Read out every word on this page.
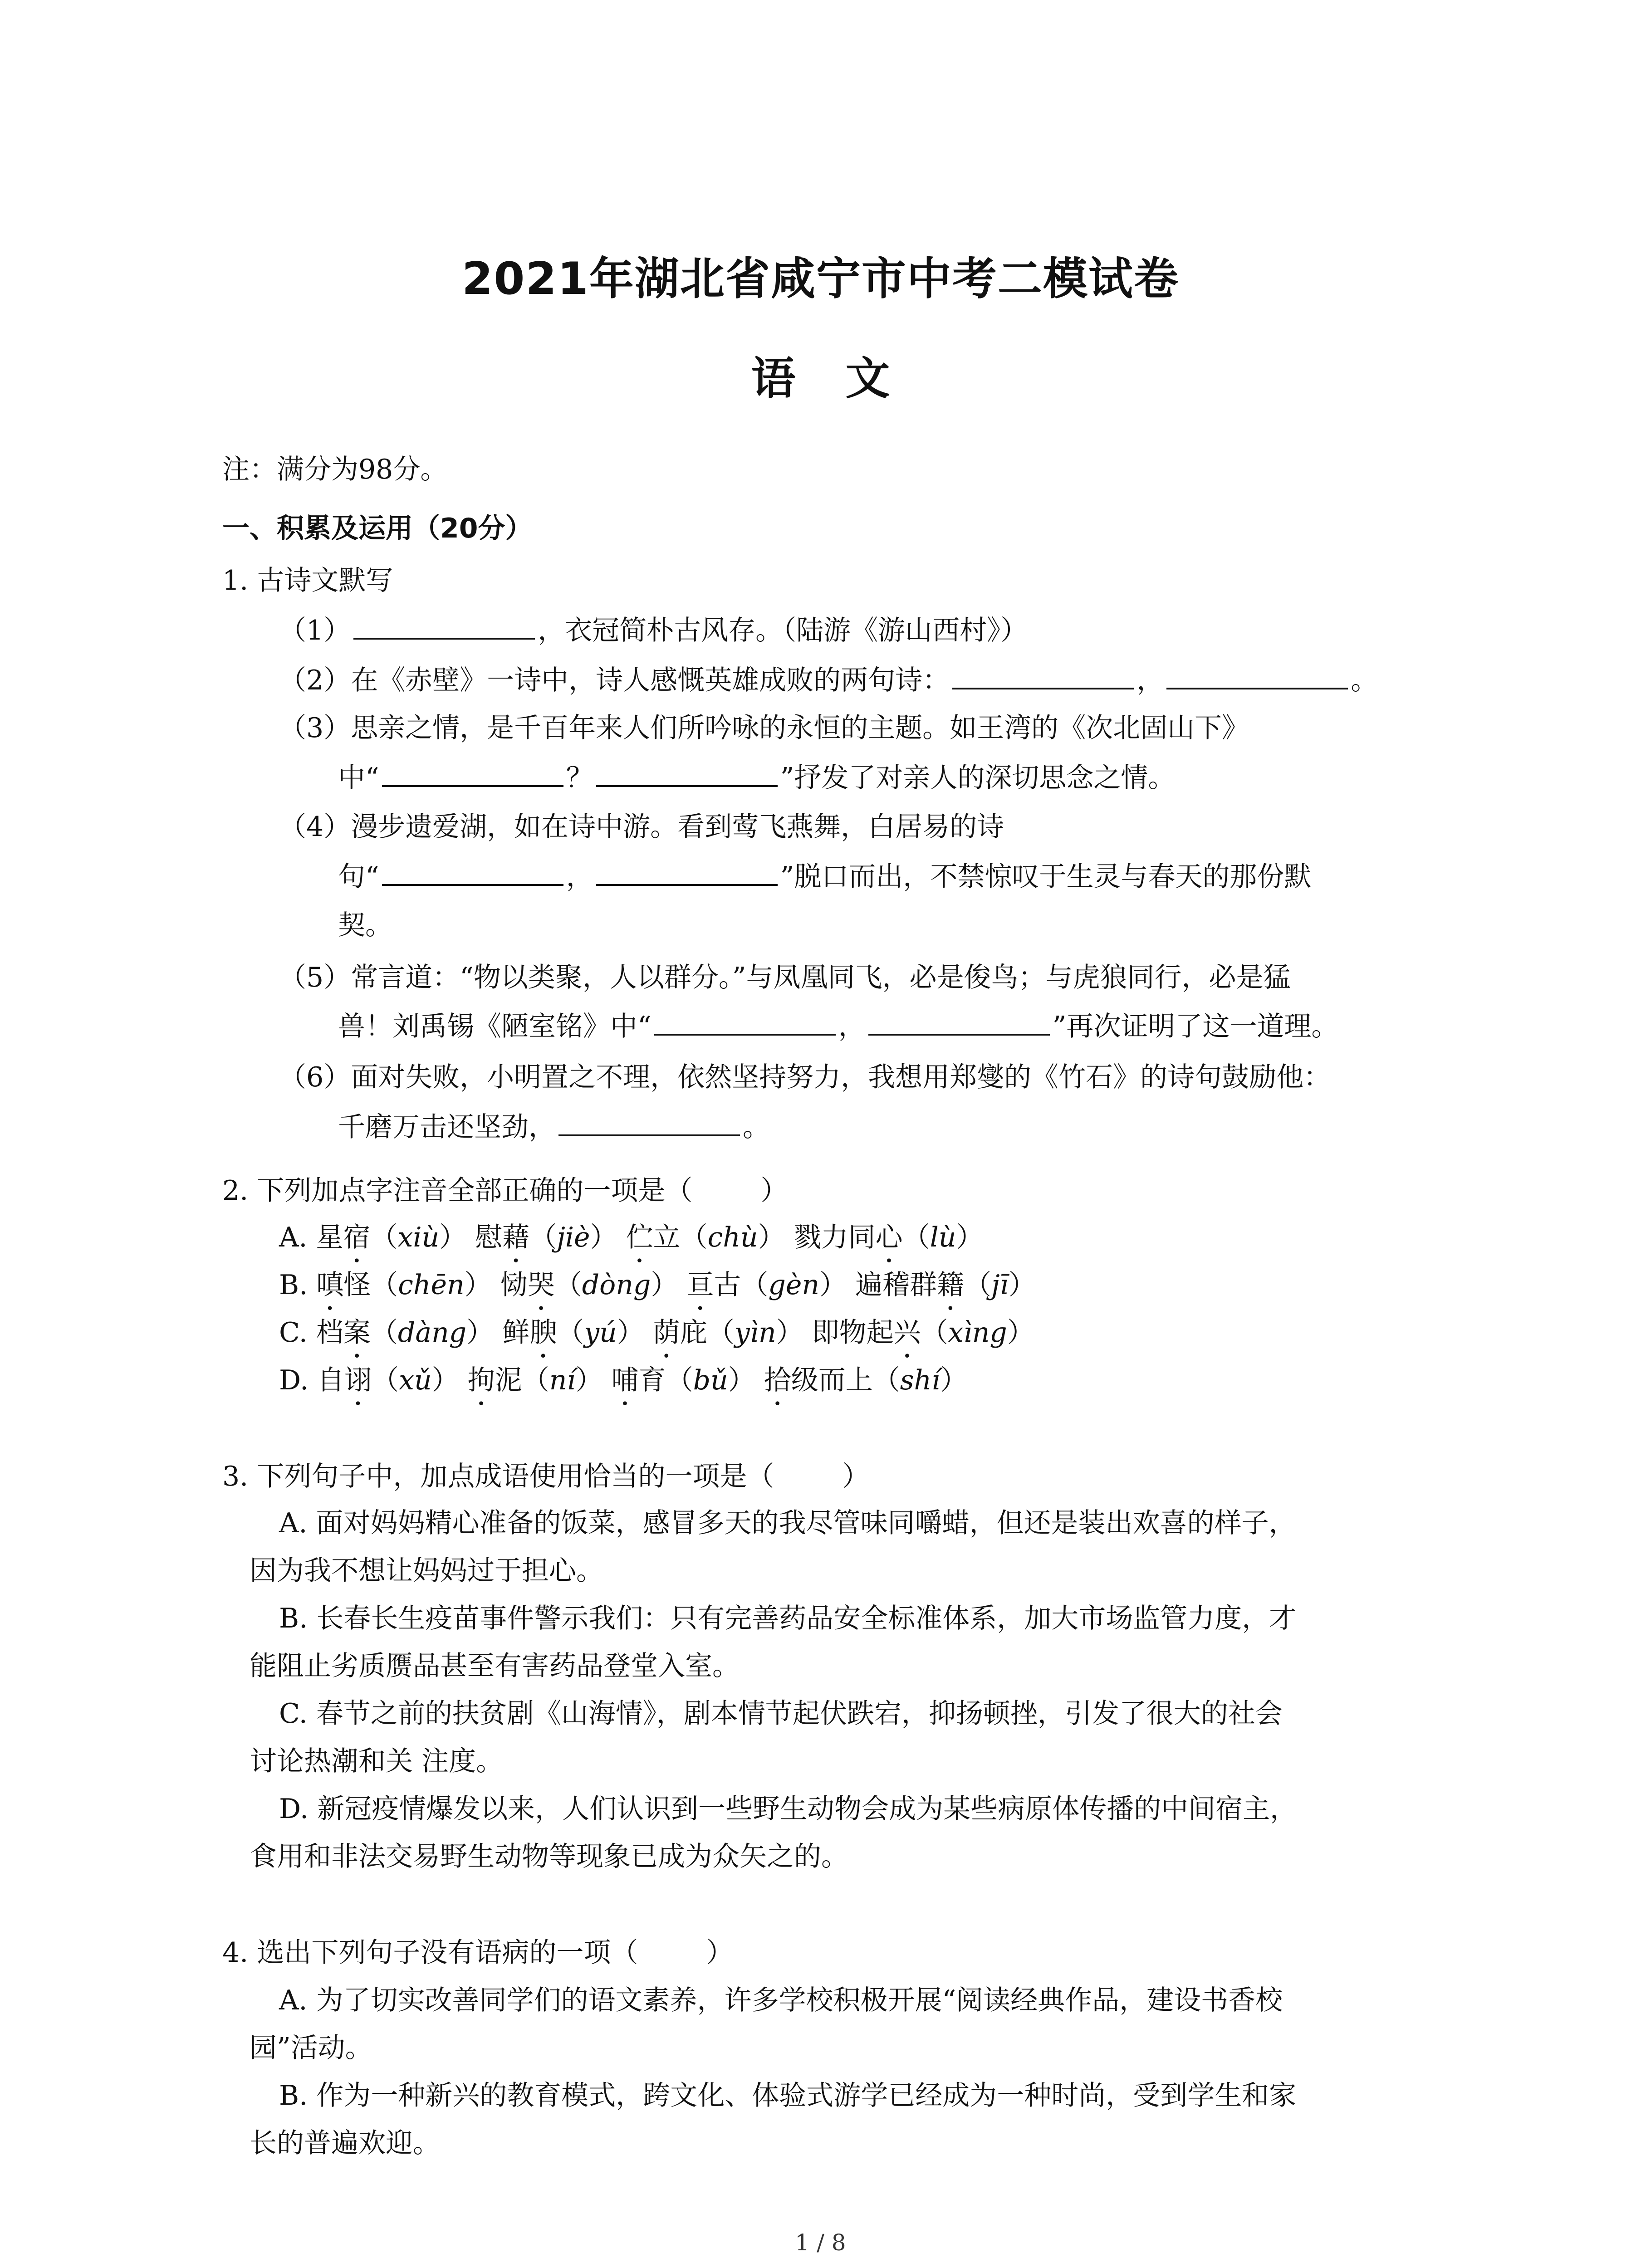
2021年湖北省咸宁市中考二模试卷
语 文
注：满分为98分。
一、积累及运用（20分）
1. 古诗文默写
（1）	，衣冠简朴古风存。（陆游《游山西村》）
（2）在《赤壁》一诗中，诗人感慨英雄成败的两句诗：	，	。
（3）思亲之情，是千百年来人们所吟咏的永恒的主题。如王湾的《次北固山下》
中“	？	”抒发了对亲人的深切思念之情。
（4）漫步遗爱湖，如在诗中游。看到莺飞燕舞，白居易的诗
句“	，	”脱口而出，不禁惊叹于生灵与春天的那份默
契。
（5）常言道：“物以类聚，人以群分。”与凤凰同飞，必是俊鸟；与虎狼同行，必是猛
兽！刘禹锡《陋室铭》中“	，	”再次证明了这一道理。
（6）面对失败，小明置之不理，依然坚持努力，我想用郑燮的《竹石》的诗句鼓励他：
千磨万击还坚劲，	。
2. 下列加点字注音全部正确的一项是（	）
A. 星宿（xiù） 慰藉（jiè） 伫立（chù） 戮力同心（lù）
B. 嗔怪（chēn） 恸哭（dòng） 亘古（gèn） 遍稽群籍（jī）
C. 档案（dàng） 鲜腴（yú） 荫庇（yìn） 即物起兴（xìng）
D. 自诩（xǔ） 拘泥（ní） 哺育（bǔ） 拾级而上（shí）
3. 下列句子中，加点成语使用恰当的一项是（	）
A. 面对妈妈精心准备的饭菜，感冒多天的我尽管味同嚼蜡，但还是装出欢喜的样子，
因为我不想让妈妈过于担心。
B. 长春长生疫苗事件警示我们：只有完善药品安全标准体系，加大市场监管力度，才
能阻止劣质赝品甚至有害药品登堂入室。
C. 春节之前的扶贫剧《山海情》，剧本情节起伏跌宕，抑扬顿挫，引发了很大的社会
讨论热潮和关 注度。
D. 新冠疫情爆发以来，人们认识到一些野生动物会成为某些病原体传播的中间宿主，
食用和非法交易野生动物等现象已成为众矢之的。
4. 选出下列句子没有语病的一项（	）
A. 为了切实改善同学们的语文素养，许多学校积极开展“阅读经典作品，建设书香校
园”活动。
B. 作为一种新兴的教育模式，跨文化、体验式游学已经成为一种时尚，受到学生和家
长的普遍欢迎。
1 / 8
